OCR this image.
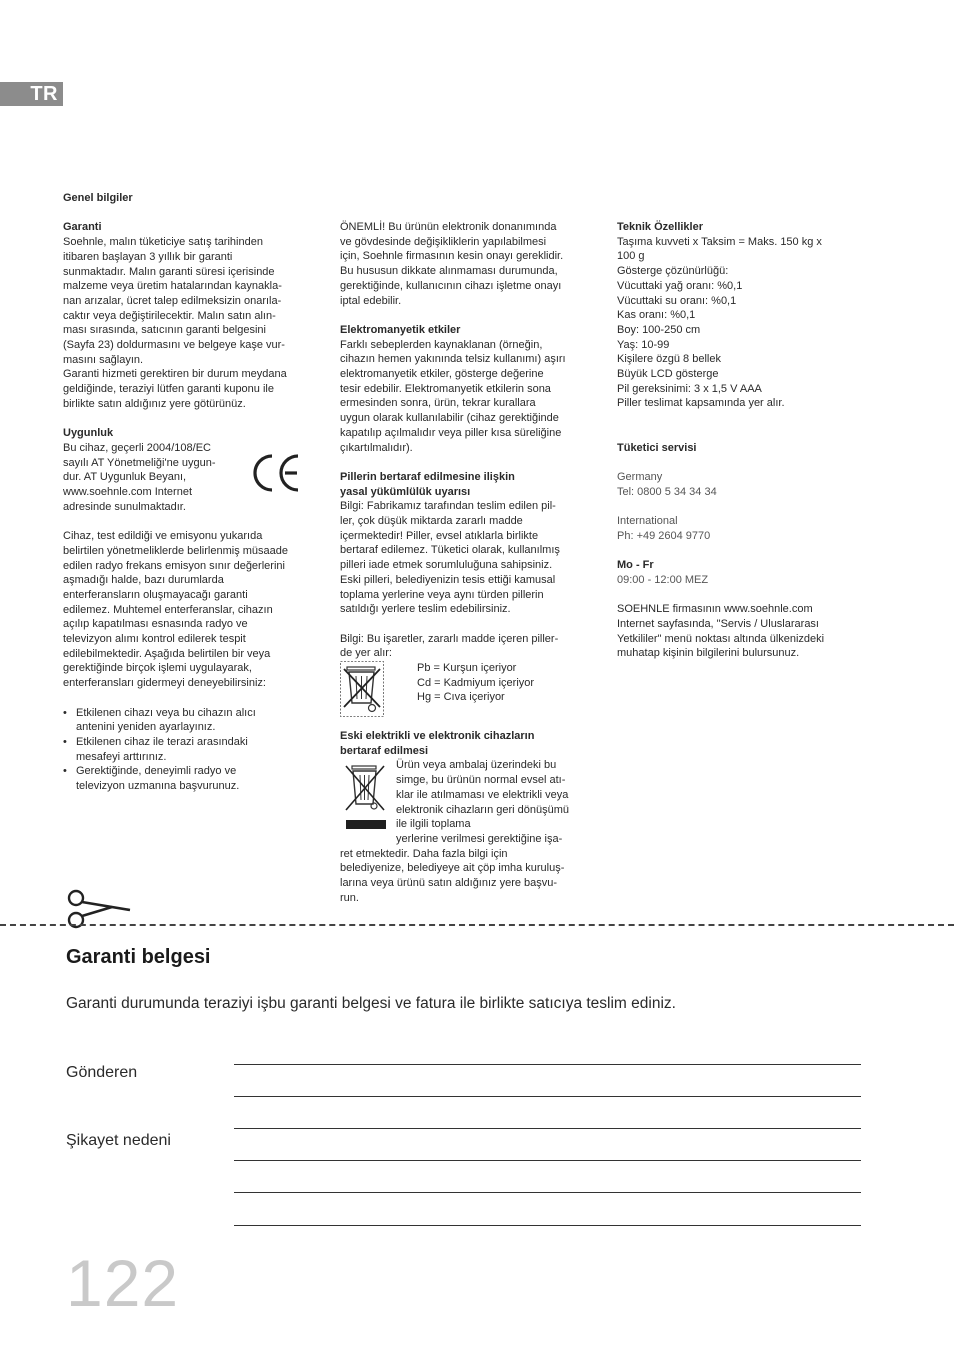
TR

Genel bilgiler

Garanti

Soehnle, malın tüketiciye satış tarihinden

itibaren başlayan 3 yıllık bir garanti

sunmaktadır. Malın garanti süresi içerisinde

malzeme veya üretim hatalarından kaynakla-

nan arızalar, ücret talep edilmeksizin onarıla-

caktır veya değiştirilecektir. Malın satın alın-

ması sırasında, satıcının garanti belgesini

(Sayfa 23) doldurmasını ve belgeye kaşe vur-

masını sağlayın.

Garanti hizmeti gerektiren bir durum meydana

geldiğinde, teraziyi lütfen garanti kuponu ile

birlikte satın aldığınız yere götürünüz.

Uygunluk

Bu cihaz, geçerli 2004/108/EC

sayılı AT Yönetmeliği'ne uygun-

dur. AT Uygunluk Beyanı,

www.soehnle.com Internet

adresinde sunulmaktadır.

Cihaz, test edildiği ve emisyonu yukarıda

belirtilen yönetmeliklerde belirlenmiş müsaade

edilen radyo frekans emisyon sınır değerlerini

aşmadığı halde, bazı durumlarda

enterferansların oluşmayacağı garanti

edilemez. Muhtemel enterferanslar, cihazın

açılıp kapatılması esnasında radyo ve

televizyon alımı kontrol edilerek tespit

edilebilmektedir. Aşağıda belirtilen bir veya

gerektiğinde birçok işlemi uygulayarak,

enterferansları gidermeyi deneyebilirsiniz:

• Etkilenen cihazı veya bu cihazın alıcı

antenini yeniden ayarlayınız.

• Etkilenen cihaz ile terazi arasındaki

mesafeyi arttırınız.

• Gerektiğinde, deneyimli radyo ve

televizyon uzmanına başvurunuz.

ÖNEMLİ! Bu ürünün elektronik donanımında

ve gövdesinde değişikliklerin yapılabilmesi

için, Soehnle firmasının kesin onayı gereklidir.

Bu hususun dikkate alınmaması durumunda,

gerektiğinde, kullanıcının cihazı işletme onayı

iptal edebilir.

Elektromanyetik etkiler

Farklı sebeplerden kaynaklanan (örneğin,

cihazın hemen yakınında telsiz kullanımı) aşırı

elektromanyetik etkiler, gösterge değerine

tesir edebilir. Elektromanyetik etkilerin sona

ermesinden sonra, ürün, tekrar kurallara

uygun olarak kullanılabilir (cihaz gerektiğinde

kapatılıp açılmalıdır veya piller kısa süreliğine

çıkartılmalıdır).

Pillerin bertaraf edilmesine ilişkin

yasal yükümlülük uyarısı

Bilgi: Fabrikamız tarafından teslim edilen pil-

ler, çok düşük miktarda zararlı madde

içermektedir! Piller, evsel atıklarla birlikte

bertaraf edilemez. Tüketici olarak, kullanılmış

pilleri iade etmek sorumluluğuna sahipsiniz.

Eski pilleri, belediyenizin tesis ettiği kamusal

toplama yerlerine veya aynı türden pillerin

satıldığı yerlere teslim edebilirsiniz.

Bilgi: Bu işaretler, zararlı madde içeren piller-

de yer alır:

Pb = Kurşun içeriyor

Cd = Kadmiyum içeriyor

Hg = Cıva içeriyor

Eski elektrikli ve elektronik cihazların

bertaraf edilmesi

Ürün veya ambalaj üzerindeki bu

simge, bu ürünün normal evsel atı-

klar ile atılmaması ve elektrikli veya

elektronik cihazların geri dönüşümü

ile ilgili toplama

yerlerine verilmesi gerektiğine işa-

ret etmektedir. Daha fazla bilgi için

belediyenize, belediyeye ait çöp imha kuruluş-

larına veya ürünü satın aldığınız yere başvu-

run.

Teknik Özellikler

Taşıma kuvveti x Taksim = Maks. 150 kg x

100 g

Gösterge çözünürlüğü:

Vücuttaki yağ oranı: %0,1

Vücuttaki su oranı: %0,1

Kas oranı: %0,1

Boy: 100-250 cm

Yaş: 10-99

Kişilere özgü 8 bellek

Büyük LCD gösterge

Pil gereksinimi: 3 x 1,5 V AAA

Piller teslimat kapsamında yer alır.

Tüketici servisi

Germany

Tel: 0800 5 34 34 34

International

Ph: +49 2604 9770

Mo - Fr

09:00 - 12:00 MEZ

SOEHNLE firmasının www.soehnle.com

Internet sayfasında, "Servis / Uluslararası

Yetkililer" menü noktası altında ülkenizdeki

muhatap kişinin bilgilerini bulursunuz.

Garanti belgesi
Garanti durumunda teraziyi işbu garanti belgesi ve fatura ile birlikte satıcıya teslim ediniz.
Gönderen
Şikayet nedeni
122
